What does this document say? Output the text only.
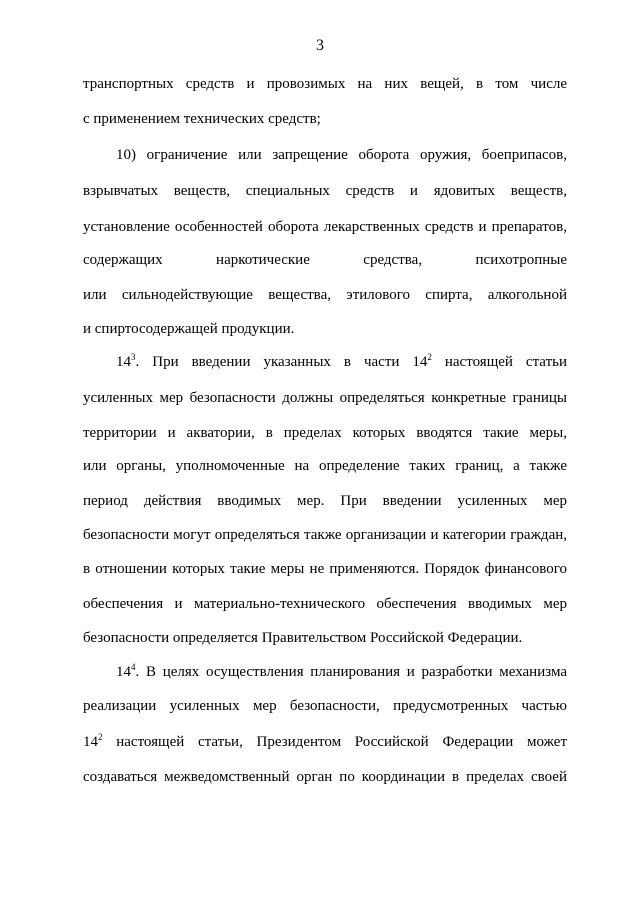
3
транспортных средств и провозимых на них вещей, в том числе
с применением технических средств;
10) ограничение или запрещение оборота оружия, боеприпасов,
взрывчатых веществ, специальных средств и ядовитых веществ,
установление особенностей оборота лекарственных средств и препаратов,
содержащих наркотические средства, психотропные
или сильнодействующие вещества, этилового спирта, алкогольной
и спиртосодержащей продукции.
$14^3$. При введении указанных в части $14^2$ настоящей статьи
усиленных мер безопасности должны определяться конкретные границы
территории и акватории, в пределах которых вводятся такие меры,
или органы, уполномоченные на определение таких границ, а также
период действия вводимых мер. При введении усиленных мер
безопасности могут определяться также организации и категории граждан,
в отношении которых такие меры не применяются. Порядок финансового
обеспечения и материально-технического обеспечения вводимых мер
безопасности определяется Правительством Российской Федерации.
$14^4$. В целях осуществления планирования и разработки механизма
реализации усиленных мер безопасности, предусмотренных частью
$14^2$ настоящей статьи, Президентом Российской Федерации может
создаваться межведомственный орган по координации в пределах своей
